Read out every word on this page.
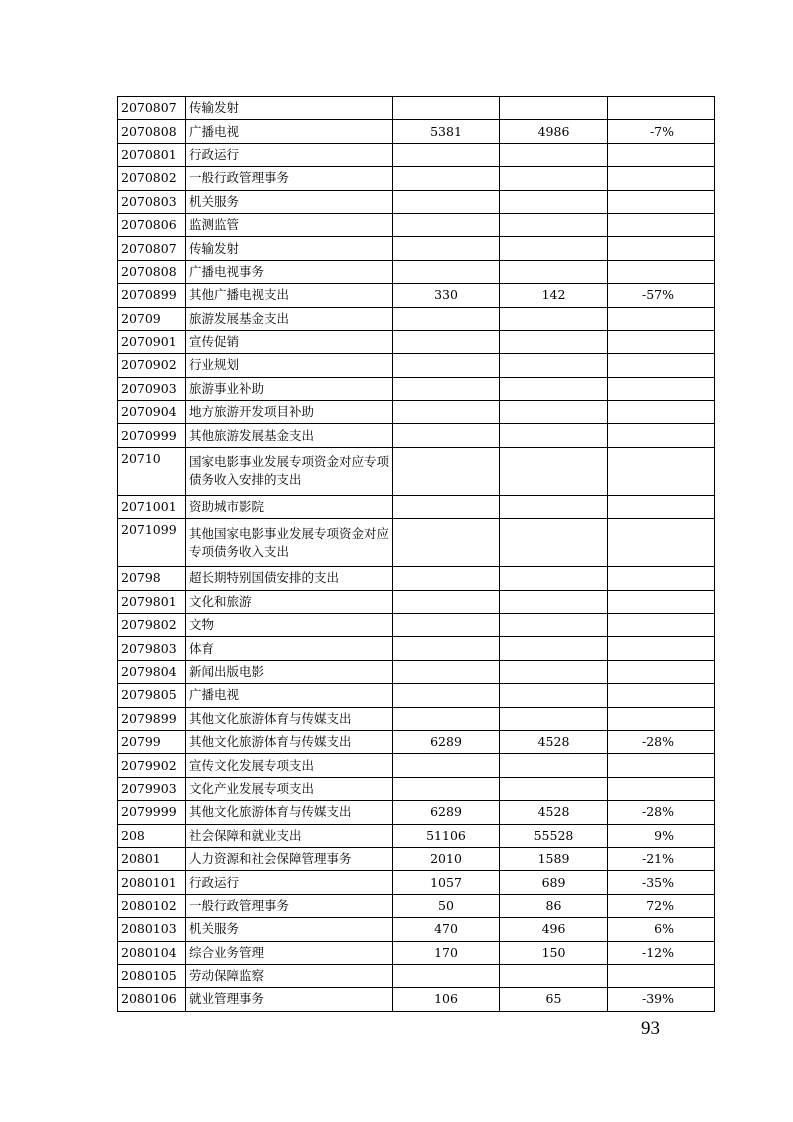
2070807	传输发射			
2070808	广播电视	5381	4986	-7%
2070801	行政运行			
2070802	一般行政管理事务			
2070803	机关服务			
2070806	监测监管			
2070807	传输发射			
2070808	广播电视事务			
2070899	其他广播电视支出	330	142	-57%
20709	旅游发展基金支出			
2070901	宣传促销			
2070902	行业规划			
2070903	旅游事业补助			
2070904	地方旅游开发项目补助			
2070999	其他旅游发展基金支出			
20710	国家电影事业发展专项资金对应专项债务收入安排的支出			
2071001	资助城市影院			
2071099	其他国家电影事业发展专项资金对应专项债务收入支出			
20798	超长期特别国债安排的支出			
2079801	文化和旅游			
2079802	文物			
2079803	体育			
2079804	新闻出版电影			
2079805	广播电视			
2079899	其他文化旅游体育与传媒支出			
20799	其他文化旅游体育与传媒支出	6289	4528	-28%
2079902	宣传文化发展专项支出			
2079903	文化产业发展专项支出			
2079999	其他文化旅游体育与传媒支出	6289	4528	-28%
208	社会保障和就业支出	51106	55528	9%
20801	人力资源和社会保障管理事务	2010	1589	-21%
2080101	行政运行	1057	689	-35%
2080102	一般行政管理事务	50	86	72%
2080103	机关服务	470	496	6%
2080104	综合业务管理	170	150	-12%
2080105	劳动保障监察			
2080106	就业管理事务	106	65	-39%
93
